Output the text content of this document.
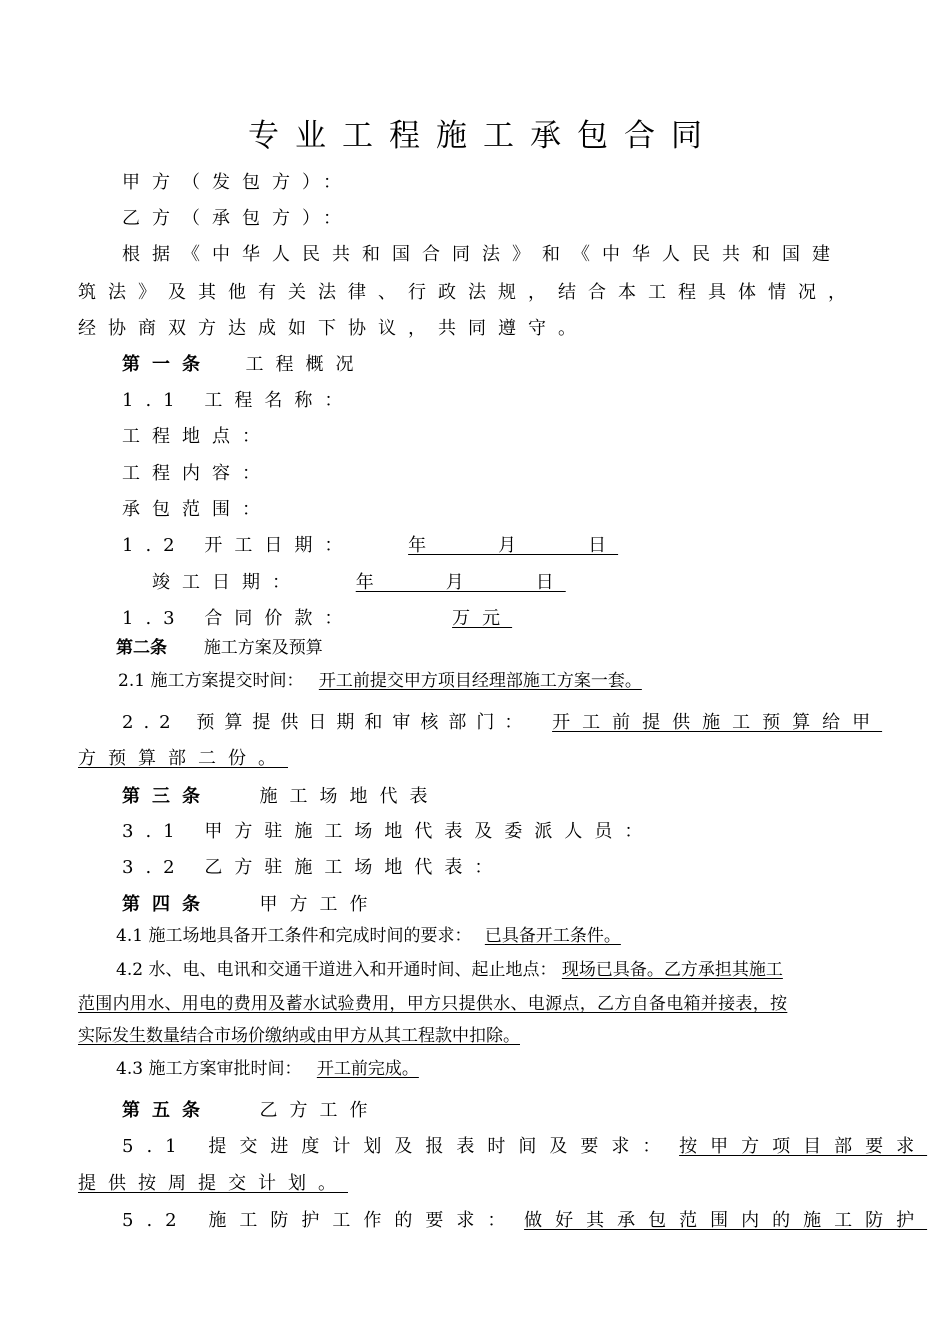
专业工程施工承包合同
甲方（发包方）：
乙方（承包方）：
根据《中华人民共和国合同法》和《中华人民共和国建
筑法》及其他有关法律、行政法规，结合本工程具体情况，
经协商双方达成如下协议，共同遵守。
第一条 工程概况
1.1 工程名称：
工程地点：
工程内容：
承包范围：
1.2 开工日期：	年　　月　　日
竣工日期：	年　　月　　日
1.3 合同价款：	万元
第二条 施工方案及预算
2.1 施工方案提交时间： 开工前提交甲方项目经理部施工方案一套。
2.2 预算提供日期和审核部门： 开工前提供施工预算给甲
方预算部二份。
第三条	施工场地代表
3.1 甲方驻施工场地代表及委派人员：
3.2 乙方驻施工场地代表：
第四条	甲方工作
4.1 施工场地具备开工条件和完成时间的要求： 已具备开工条件。
4.2 水、电、电讯和交通干道进入和开通时间、起止地点： 现场已具备。乙方承担其施工
范围内用水、用电的费用及蓄水试验费用，甲方只提供水、电源点，乙方自备电箱并接表，按
实际发生数量结合市场价缴纳或由甲方从其工程款中扣除。
4.3 施工方案审批时间： 开工前完成。
第五条	乙方工作
5.1 提交进度计划及报表时间及要求： 按甲方项目部要求
提供按周提交计划。
5.2 施工防护工作的要求： 做好其承包范围内的施工防护
